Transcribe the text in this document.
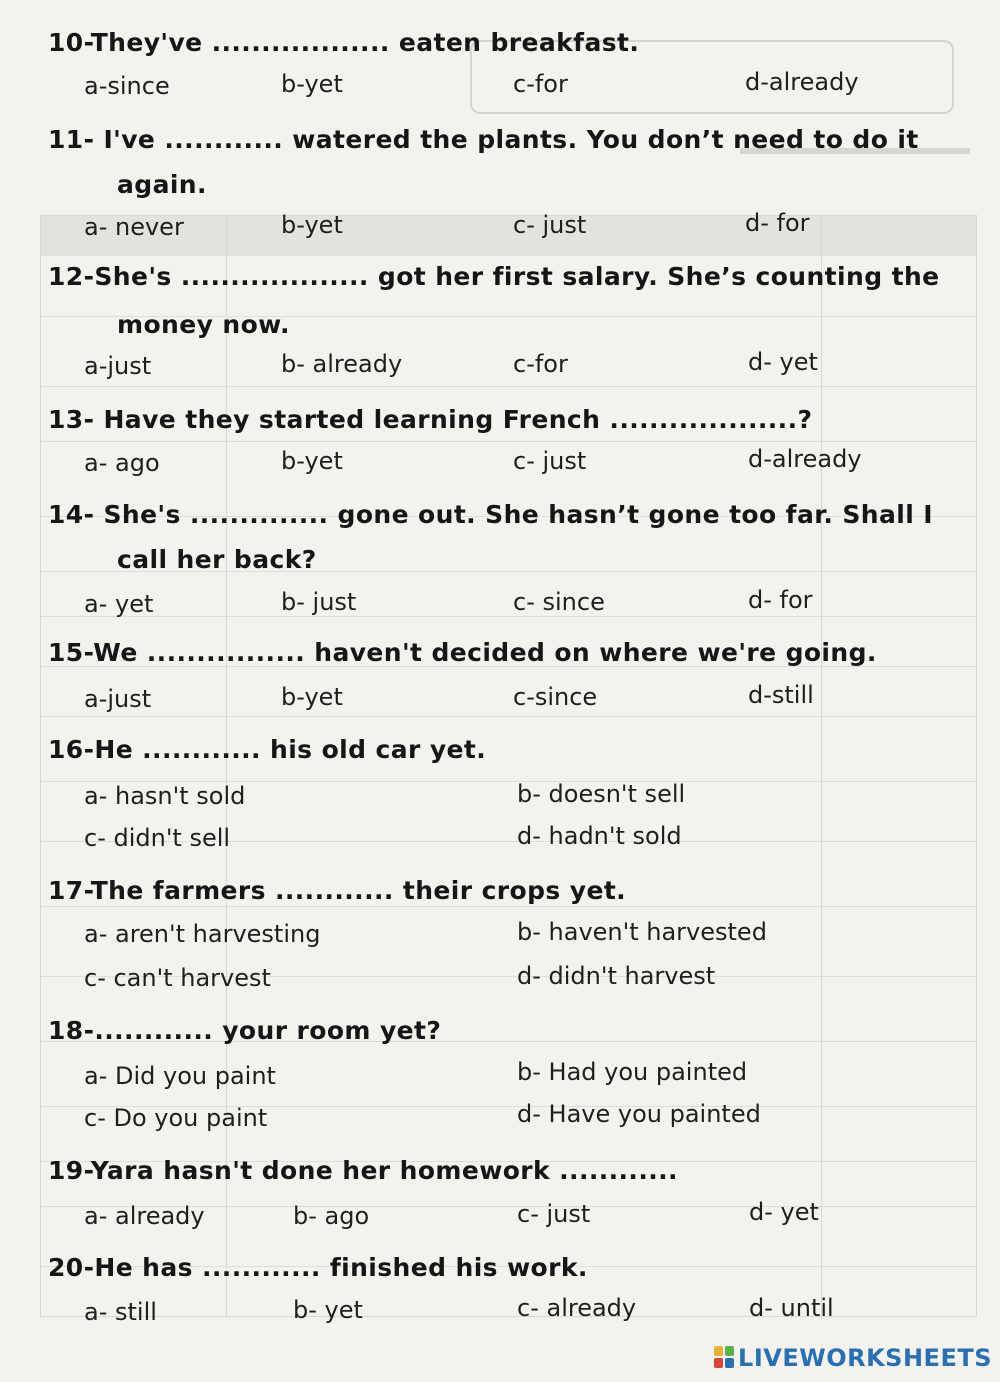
10-They've .................. eaten breakfast.
a-since	b-yet	c-for	d-already
11- I've ............ watered the plants. You don’t need to do it
again.
a- never	b-yet	c- just	d- for
12-She's ................... got her first salary. She’s counting the
money now.
a-just	b- already	c-for	d- yet
13- Have they started learning French ...................?
a- ago	b-yet	c- just	d-already
14- She's .............. gone out. She hasn’t gone too far. Shall I
call her back?
a- yet	b- just	c- since	d- for
15-We ................ haven't decided on where we're going.
a-just	b-yet	c-since	d-still
16-He ............ his old car yet.
a- hasn't sold	b- doesn't sell
c- didn't sell	d- hadn't sold
17-The farmers ............ their crops yet.
a- aren't harvesting	b- haven't harvested
c- can't harvest	d- didn't harvest
18-............ your room yet?
a- Did you paint	b- Had you painted
c- Do you paint	d- Have you painted
19-Yara hasn't done her homework ............
a- already	b- ago	c- just	d- yet
20-He has ............ finished his work.
a- still	b- yet	c- already	d- until
LIVEWORKSHEETS
